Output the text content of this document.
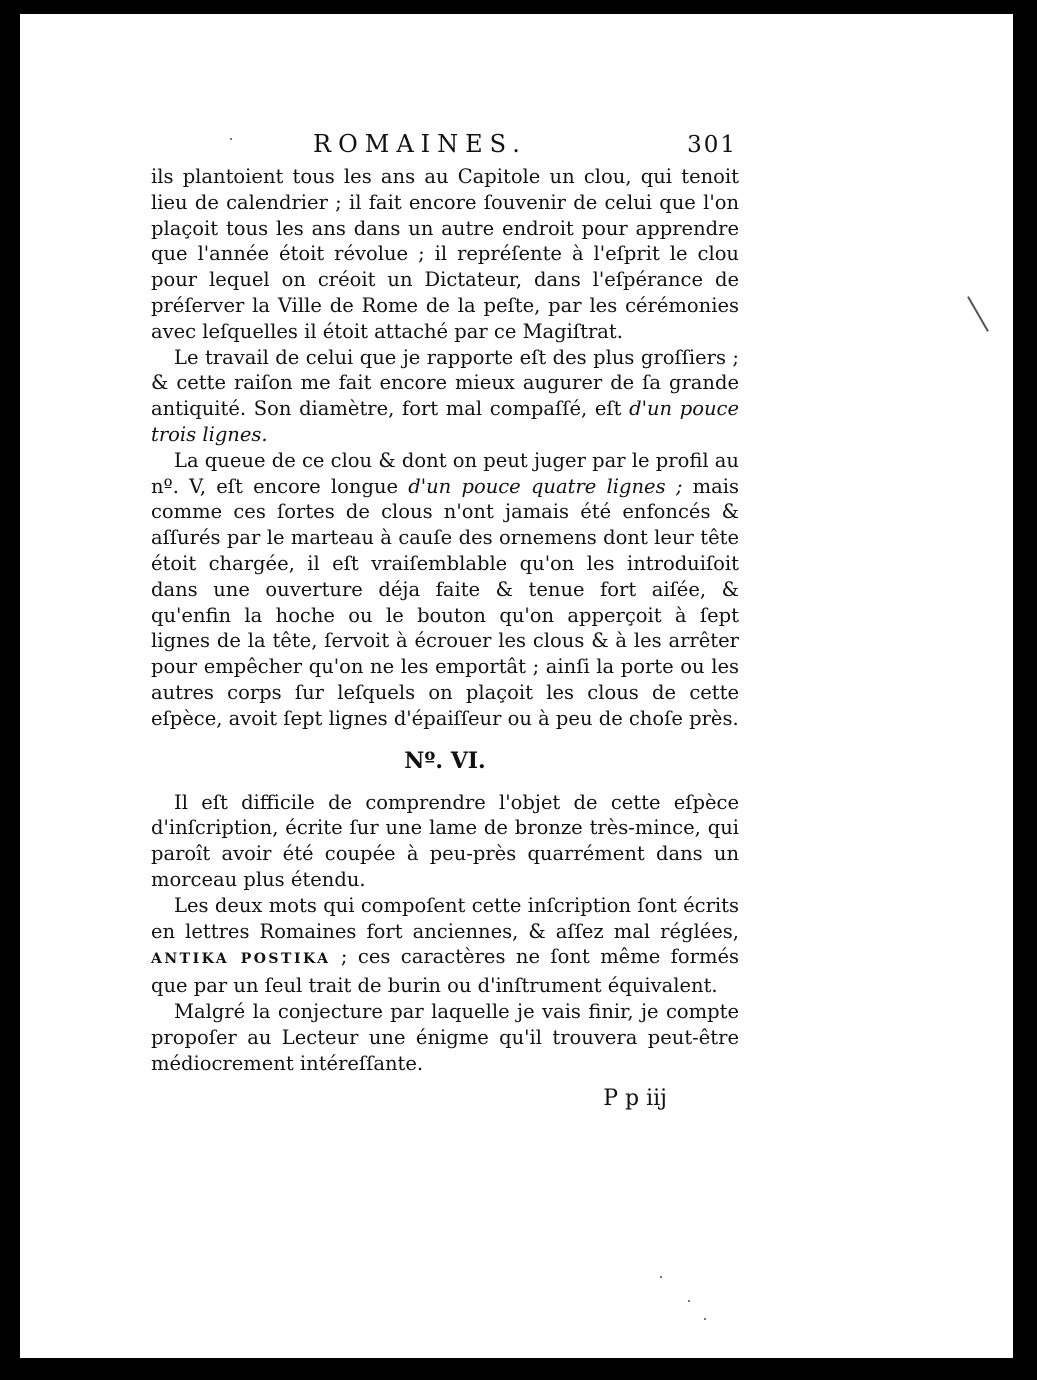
ROMAINES.	301

ils plantoient tous les ans au Capitole un clou, qui tenoit lieu de calendrier ; il fait encore ſouvenir de celui que l'on plaçoit tous les ans dans un autre endroit pour apprendre que l'année étoit révolue ; il repréſente à l'eſprit le clou pour lequel on créoit un Dictateur, dans l'eſpérance de préſerver la Ville de Rome de la peſte, par les cérémonies avec leſquelles il étoit attaché par ce Magiſtrat.

Le travail de celui que je rapporte eſt des plus groſſiers ; & cette raiſon me fait encore mieux augurer de ſa grande antiquité. Son diamètre, fort mal compaſſé, eſt d'un pouce trois lignes.

La queue de ce clou & dont on peut juger par le profil au nº. V, eſt encore longue d'un pouce quatre lignes ; mais comme ces ſortes de clous n'ont jamais été enfoncés & aſſurés par le marteau à cauſe des ornemens dont leur tête étoit chargée, il eſt vraiſemblable qu'on les introduiſoit dans une ouverture déja faite & tenue fort aiſée, & qu'enfin la hoche ou le bouton qu'on apperçoit à ſept lignes de la tête, ſervoit à écrouer les clous & à les arrêter pour empêcher qu'on ne les emportât ; ainſi la porte ou les autres corps ſur leſquels on plaçoit les clous de cette eſpèce, avoit ſept lignes d'épaiſſeur ou à peu de choſe près.

Nº. VI.

Il eſt difficile de comprendre l'objet de cette eſpèce d'inſcription, écrite ſur une lame de bronze très-mince, qui paroît avoir été coupée à peu-près quarrément dans un morceau plus étendu.

Les deux mots qui compoſent cette inſcription ſont écrits en lettres Romaines fort anciennes, & aſſez mal réglées, ANTIKA POSTIKA ; ces caractères ne ſont même formés que par un ſeul trait de burin ou d'inſtrument équivalent.

Malgré la conjecture par laquelle je vais finir, je compte propoſer au Lecteur une énigme qu'il trouvera peut-être médiocrement intéreſſante.

P p iij
